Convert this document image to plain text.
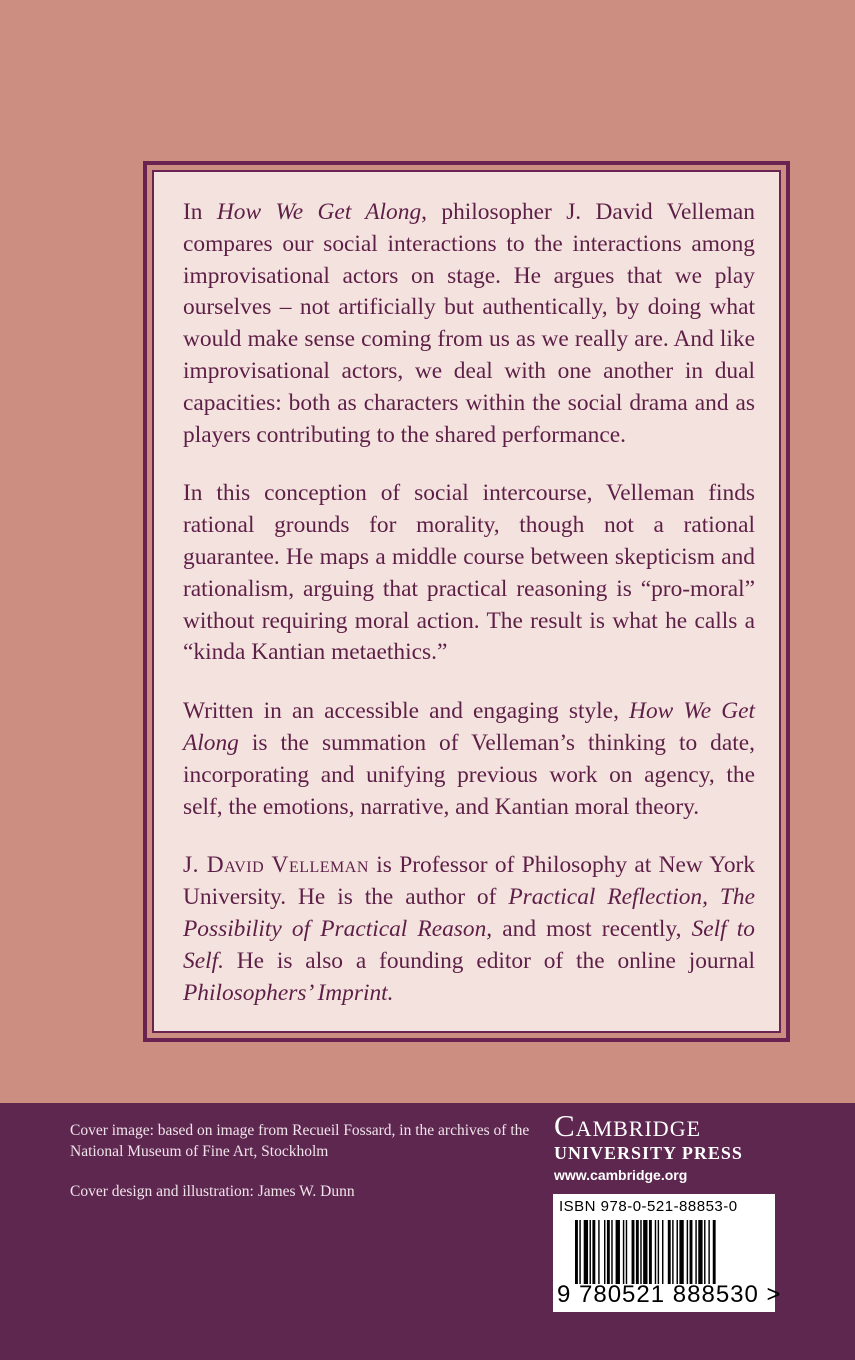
In How We Get Along, philosopher J. David Velleman compares our social interactions to the interactions among improvisational actors on stage. He argues that we play ourselves – not artificially but authentically, by doing what would make sense coming from us as we really are. And like improvisational actors, we deal with one another in dual capacities: both as characters within the social drama and as players contributing to the shared performance.

In this conception of social intercourse, Velleman finds rational grounds for morality, though not a rational guarantee. He maps a middle course between skepticism and rationalism, arguing that practical reasoning is “pro-moral” without requiring moral action. The result is what he calls a “kinda Kantian metaethics.”

Written in an accessible and engaging style, How We Get Along is the summation of Velleman’s thinking to date, incorporating and unifying previous work on agency, the self, the emotions, narrative, and Kantian moral theory.

J. David Velleman is Professor of Philosophy at New York University. He is the author of Practical Reflection, The Possibility of Practical Reason, and most recently, Self to Self. He is also a founding editor of the online journal Philosophers’ Imprint.

Cover image: based on image from Recueil Fossard, in the archives of the National Museum of Fine Art, Stockholm
Cover design and illustration: James W. Dunn
Cambridge
UNIVERSITY PRESS
www.cambridge.org
ISBN 978-0-521-88853-0
9 780521 888530 >
